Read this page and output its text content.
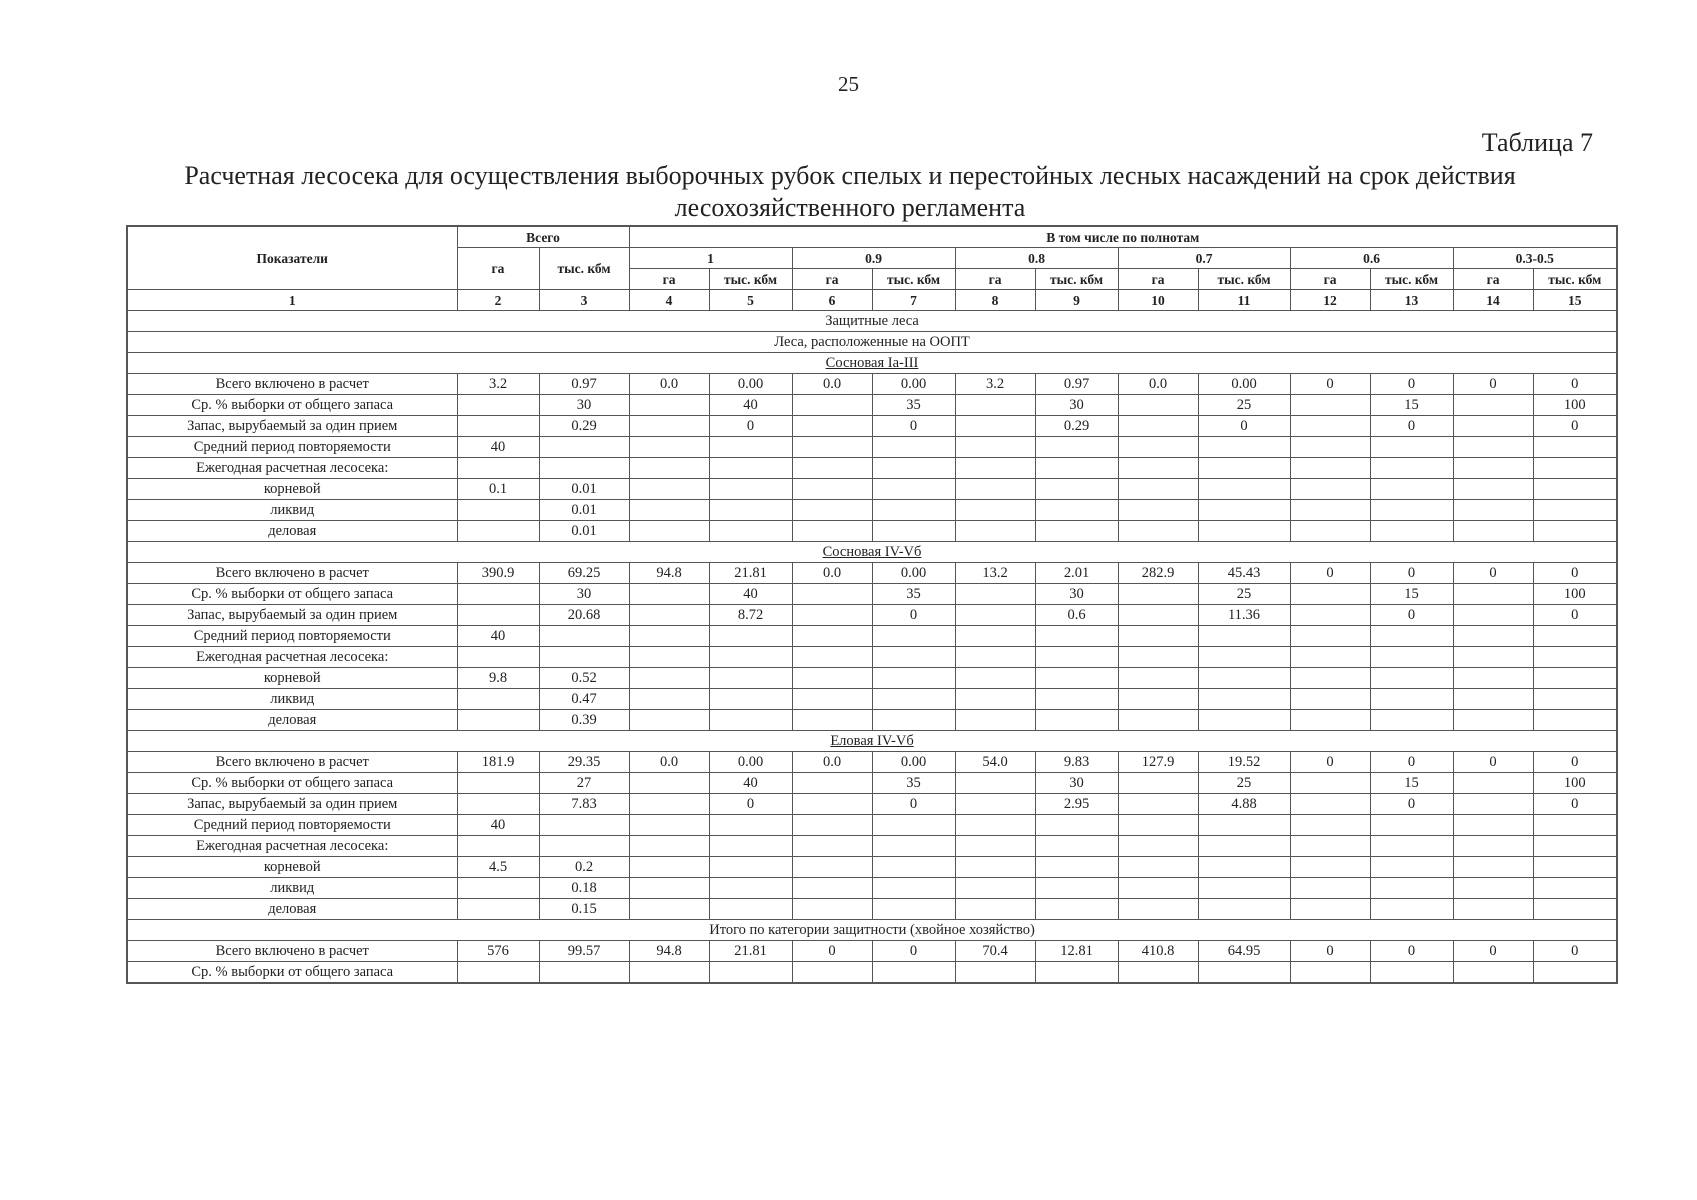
25
Таблица 7
Расчетная лесосека для осуществления выборочных рубок спелых и перестойных лесных насаждений на срок действия лесохозяйственного регламента
Показатели	Всего		В том числе по полнотам											
	га	тыс. кбм	1		0.9		0.8		0.7		0.6		0.3-0.5	
			га	тыс. кбм	га	тыс. кбм	га	тыс. кбм	га	тыс. кбм	га	тыс. кбм	га	тыс. кбм
1	2	3	4	5	6	7	8	9	10	11	12	13	14	15
Защитные леса														
Леса, расположенные на ООПТ														
Сосновая Ia-III														
Всего включено в расчет	3.2	0.97	0.0	0.00	0.0	0.00	3.2	0.97	0.0	0.00	0	0	0	0
Ср. % выборки от общего запаса		30		40		35		30		25		15		100
Запас, вырубаемый за один прием		0.29		0		0		0.29		0		0		0
Средний период повторяемости	40													
Ежегодная расчетная лесосека:														
корневой	0.1	0.01												
ликвид		0.01												
деловая		0.01												
Сосновая IV-Vб														
Всего включено в расчет	390.9	69.25	94.8	21.81	0.0	0.00	13.2	2.01	282.9	45.43	0	0	0	0
Ср. % выборки от общего запаса		30		40		35		30		25		15		100
Запас, вырубаемый за один прием		20.68		8.72		0		0.6		11.36		0		0
Средний период повторяемости	40													
Ежегодная расчетная лесосека:														
корневой	9.8	0.52												
ликвид		0.47												
деловая		0.39												
Еловая IV-Vб														
Всего включено в расчет	181.9	29.35	0.0	0.00	0.0	0.00	54.0	9.83	127.9	19.52	0	0	0	0
Ср. % выборки от общего запаса		27		40		35		30		25		15		100
Запас, вырубаемый за один прием		7.83		0		0		2.95		4.88		0		0
Средний период повторяемости	40													
Ежегодная расчетная лесосека:														
корневой	4.5	0.2												
ликвид		0.18												
деловая		0.15												
Итого по категории защитности (хвойное хозяйство)														
Всего включено в расчет	576	99.57	94.8	21.81	0	0	70.4	12.81	410.8	64.95	0	0	0	0
Ср. % выборки от общего запаса														
